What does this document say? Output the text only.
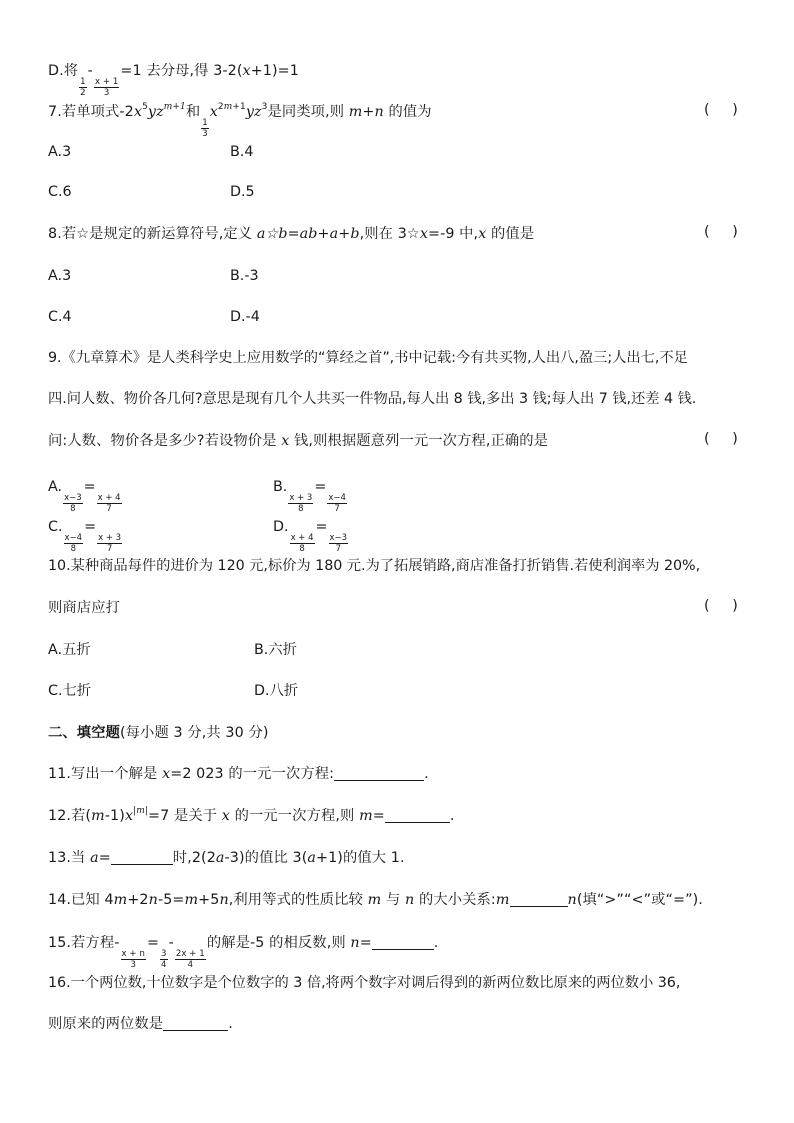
D.将
$\frac{1}{2}$
-
$\frac{x + 1}{3}$
=1 去分母,得 3-2(x+1)=1
7.若单项式$-2x^5yz^{m+1}$和
$\frac{1}{3}$
$x^{2m+1}yz^3$是同类项,则 m+n 的值为	(     )
A.3	B.4
C.6	D.5
8.若☆是规定的新运算符号,定义 a☆b=ab+a+b,则在 3☆x=-9 中,x 的值是	(     )
A.3	B.-3
C.4	D.-4
9.《九章算术》是人类科学史上应用数学的“算经之首”,书中记载:今有共买物,人出八,盈三;人出七,不足
四.问人数、物价各几何?意思是现有几个人共买一件物品,每人出 8 钱,多出 3 钱;每人出 7 钱,还差 4 钱.
问:人数、物价各是多少?若设物价是 x 钱,则根据题意列一元一次方程,正确的是	(     )
A.
$\frac{x-3}{8}$
=
$\frac{x + 4}{7}$
B.
$\frac{x + 3}{8}$
=
$\frac{x-4}{7}$
C.
$\frac{x-4}{8}$
=
$\frac{x + 3}{7}$
D.
$\frac{x + 4}{8}$
=
$\frac{x-3}{7}$
10.某种商品每件的进价为 120 元,标价为 180 元.为了拓展销路,商店准备打折销售.若使利润率为 20%,
则商店应打	(     )
A.五折	B.六折
C.七折	D.八折
二、填空题(每小题 3 分,共 30 分)
11.写出一个解是 x=2 023 的一元一次方程:	.
12.若$(m-1)x^{|m|}=7$ 是关于 x 的一元一次方程,则 m=	.
13.当 a=	时,2(2a-3)的值比 3(a+1)的值大 1.
14.已知 4m+2n-5=m+5n,利用等式的性质比较 m 与 n 的大小关系:m	n(填“>”“<”或“=”).
15.若方程-
$\frac{x + n}{3}$
=
$\frac{3}{4}$
-
$\frac{2x + 1}{4}$
的解是-5 的相反数,则 n=	.
16.一个两位数,十位数字是个位数字的 3 倍,将两个数字对调后得到的新两位数比原来的两位数小 36,
则原来的两位数是	.
